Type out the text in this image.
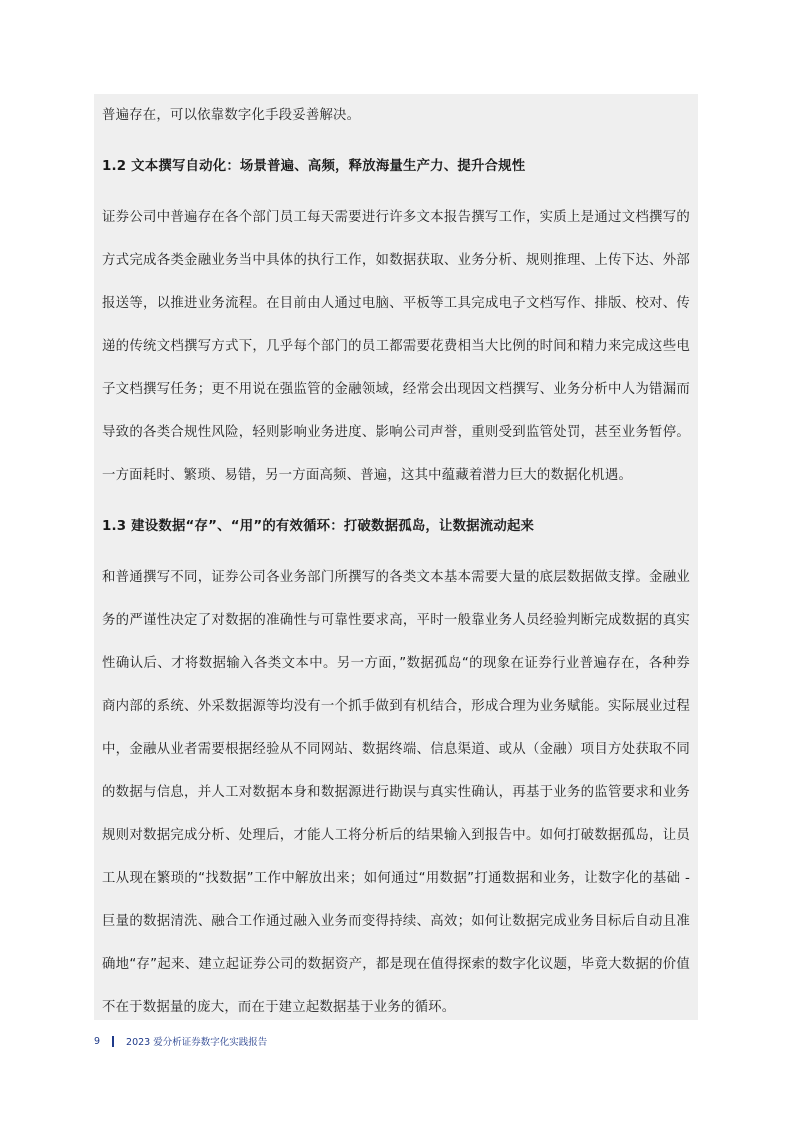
普遍存在，可以依靠数字化手段妥善解决。

1.2 文本撰写自动化：场景普遍、高频，释放海量生产力、提升合规性

证券公司中普遍存在各个部门员工每天需要进行许多文本报告撰写工作，实质上是通过文档撰写的方式完成各类金融业务当中具体的执行工作，如数据获取、业务分析、规则推理、上传下达、外部报送等，以推进业务流程。在目前由人通过电脑、平板等工具完成电子文档写作、排版、校对、传递的传统文档撰写方式下，几乎每个部门的员工都需要花费相当大比例的时间和精力来完成这些电子文档撰写任务；更不用说在强监管的金融领域，经常会出现因文档撰写、业务分析中人为错漏而导致的各类合规性风险，轻则影响业务进度、影响公司声誉，重则受到监管处罚，甚至业务暂停。一方面耗时、繁琐、易错，另一方面高频、普遍，这其中蕴藏着潜力巨大的数据化机遇。

1.3 建设数据“存”、“用”的有效循环：打破数据孤岛，让数据流动起来

和普通撰写不同，证券公司各业务部门所撰写的各类文本基本需要大量的底层数据做支撑。金融业务的严谨性决定了对数据的准确性与可靠性要求高，平时一般靠业务人员经验判断完成数据的真实性确认后、才将数据输入各类文本中。另一方面，”数据孤岛“的现象在证券行业普遍存在，各种券商内部的系统、外采数据源等均没有一个抓手做到有机结合，形成合理为业务赋能。实际展业过程中，金融从业者需要根据经验从不同网站、数据终端、信息渠道、或从（金融）项目方处获取不同的数据与信息，并人工对数据本身和数据源进行勘误与真实性确认，再基于业务的监管要求和业务规则对数据完成分析、处理后，才能人工将分析后的结果输入到报告中。如何打破数据孤岛，让员工从现在繁琐的“找数据”工作中解放出来；如何通过“用数据”打通数据和业务，让数字化的基础 - 巨量的数据清洗、融合工作通过融入业务而变得持续、高效；如何让数据完成业务目标后自动且准确地“存”起来、建立起证券公司的数据资产，都是现在值得探索的数字化议题，毕竟大数据的价值不在于数据量的庞大，而在于建立起数据基于业务的循环。

9	2023 爱分析证券数字化实践报告
